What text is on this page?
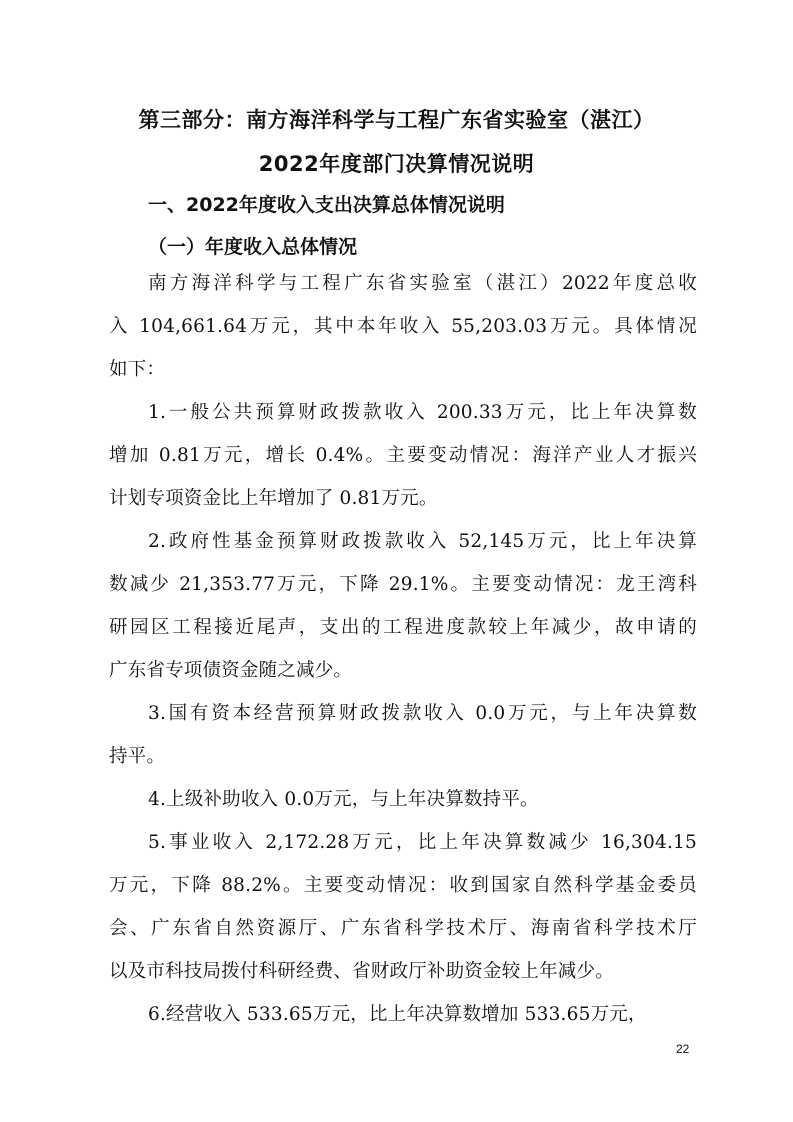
第三部分：南方海洋科学与工程广东省实验室（湛江）
2022年度部门决算情况说明
一、2022年度收入支出决算总体情况说明
（一）年度收入总体情况
南方海洋科学与工程广东省实验室（湛江）2022年度总收
入 104,661.64万元，其中本年收入 55,203.03万元。具体情况
如下：
1.一般公共预算财政拨款收入 200.33万元，比上年决算数
增加 0.81万元，增长 0.4%。主要变动情况：海洋产业人才振兴
计划专项资金比上年增加了 0.81万元。
2.政府性基金预算财政拨款收入 52,145万元，比上年决算
数减少 21,353.77万元，下降 29.1%。主要变动情况：龙王湾科
研园区工程接近尾声，支出的工程进度款较上年减少，故申请的
广东省专项债资金随之减少。
3.国有资本经营预算财政拨款收入 0.0万元，与上年决算数
持平。
4.上级补助收入 0.0万元，与上年决算数持平。
5.事业收入 2,172.28万元，比上年决算数减少 16,304.15
万元，下降 88.2%。主要变动情况：收到国家自然科学基金委员
会、广东省自然资源厅、广东省科学技术厅、海南省科学技术厅
以及市科技局拨付科研经费、省财政厅补助资金较上年减少。
6.经营收入 533.65万元，比上年决算数增加 533.65万元，
22
